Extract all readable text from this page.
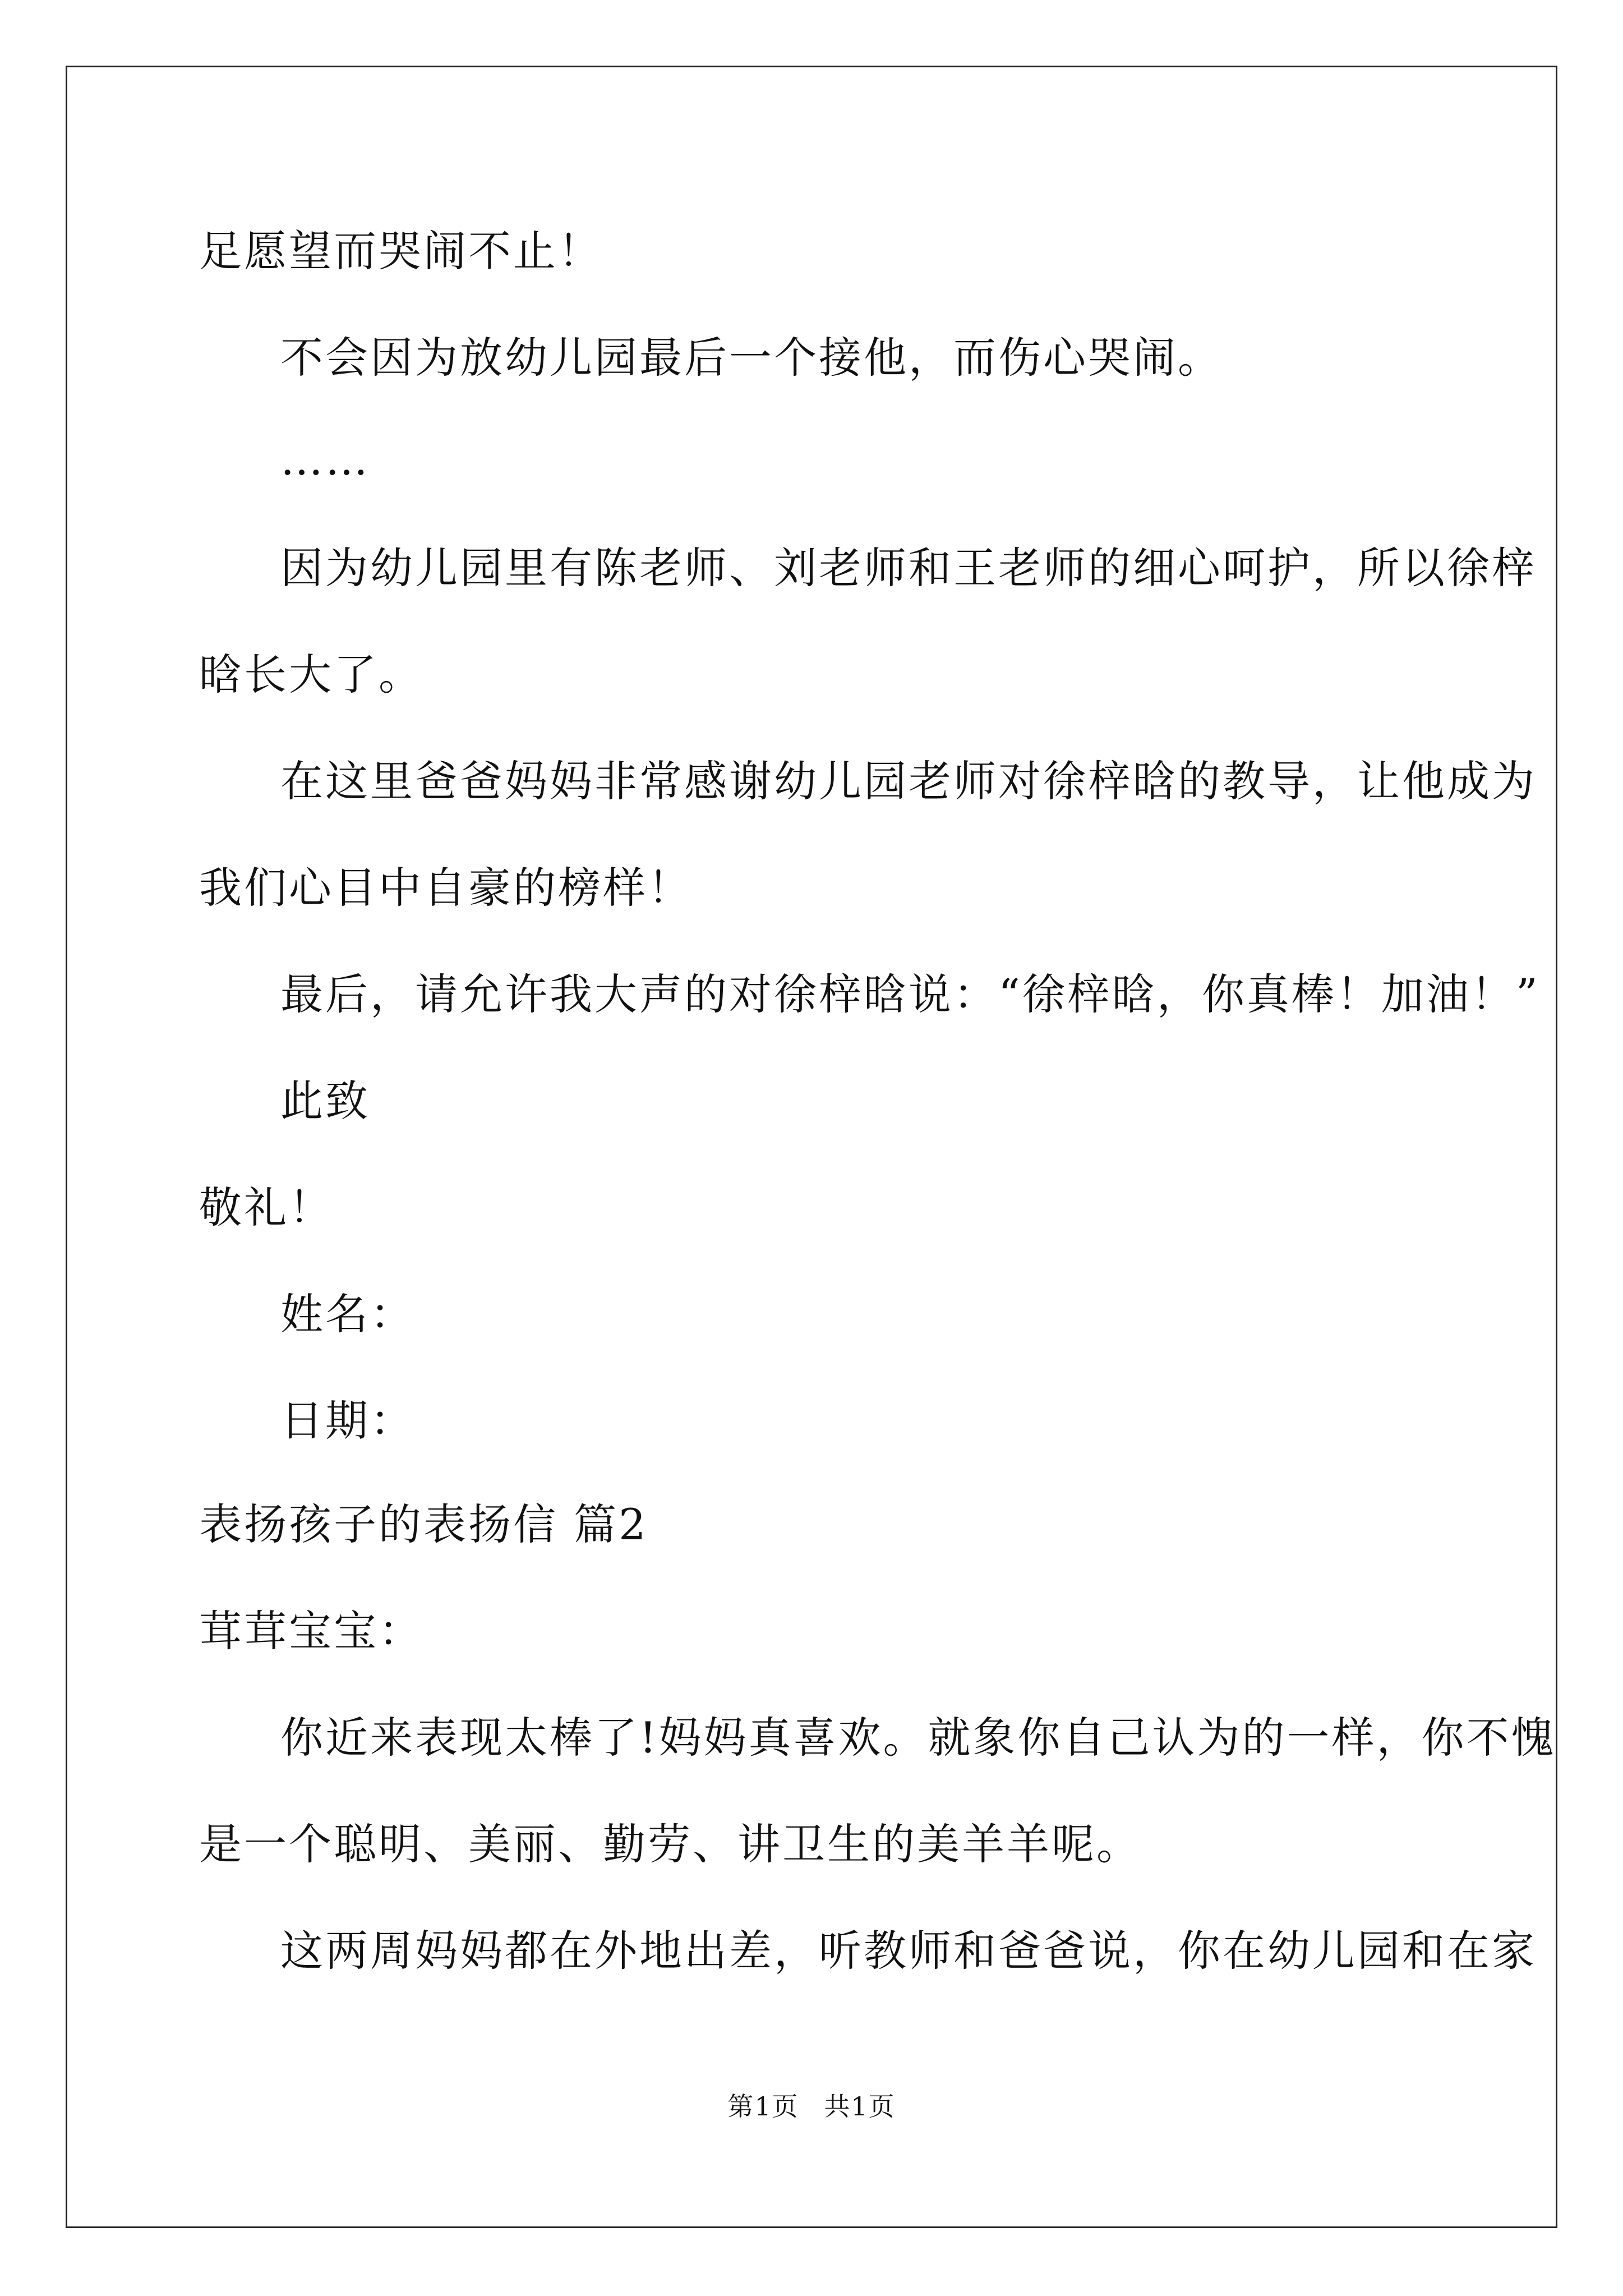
足愿望而哭闹不止！
不会因为放幼儿园最后一个接他，而伤心哭闹。
……
因为幼儿园里有陈老师、刘老师和王老师的细心呵护，所以徐梓
晗长大了。
在这里爸爸妈妈非常感谢幼儿园老师对徐梓晗的教导，让他成为
我们心目中自豪的榜样！
最后，请允许我大声的对徐梓晗说：“徐梓晗，你真棒！加油！”
此致
敬礼！
姓名：
日期：
表扬孩子的表扬信 篇2
茸茸宝宝：
你近来表现太棒了!妈妈真喜欢。就象你自己认为的一样，你不愧
是一个聪明、美丽、勤劳、讲卫生的美羊羊呢。
这两周妈妈都在外地出差，听教师和爸爸说，你在幼儿园和在家
第1页 共1页
